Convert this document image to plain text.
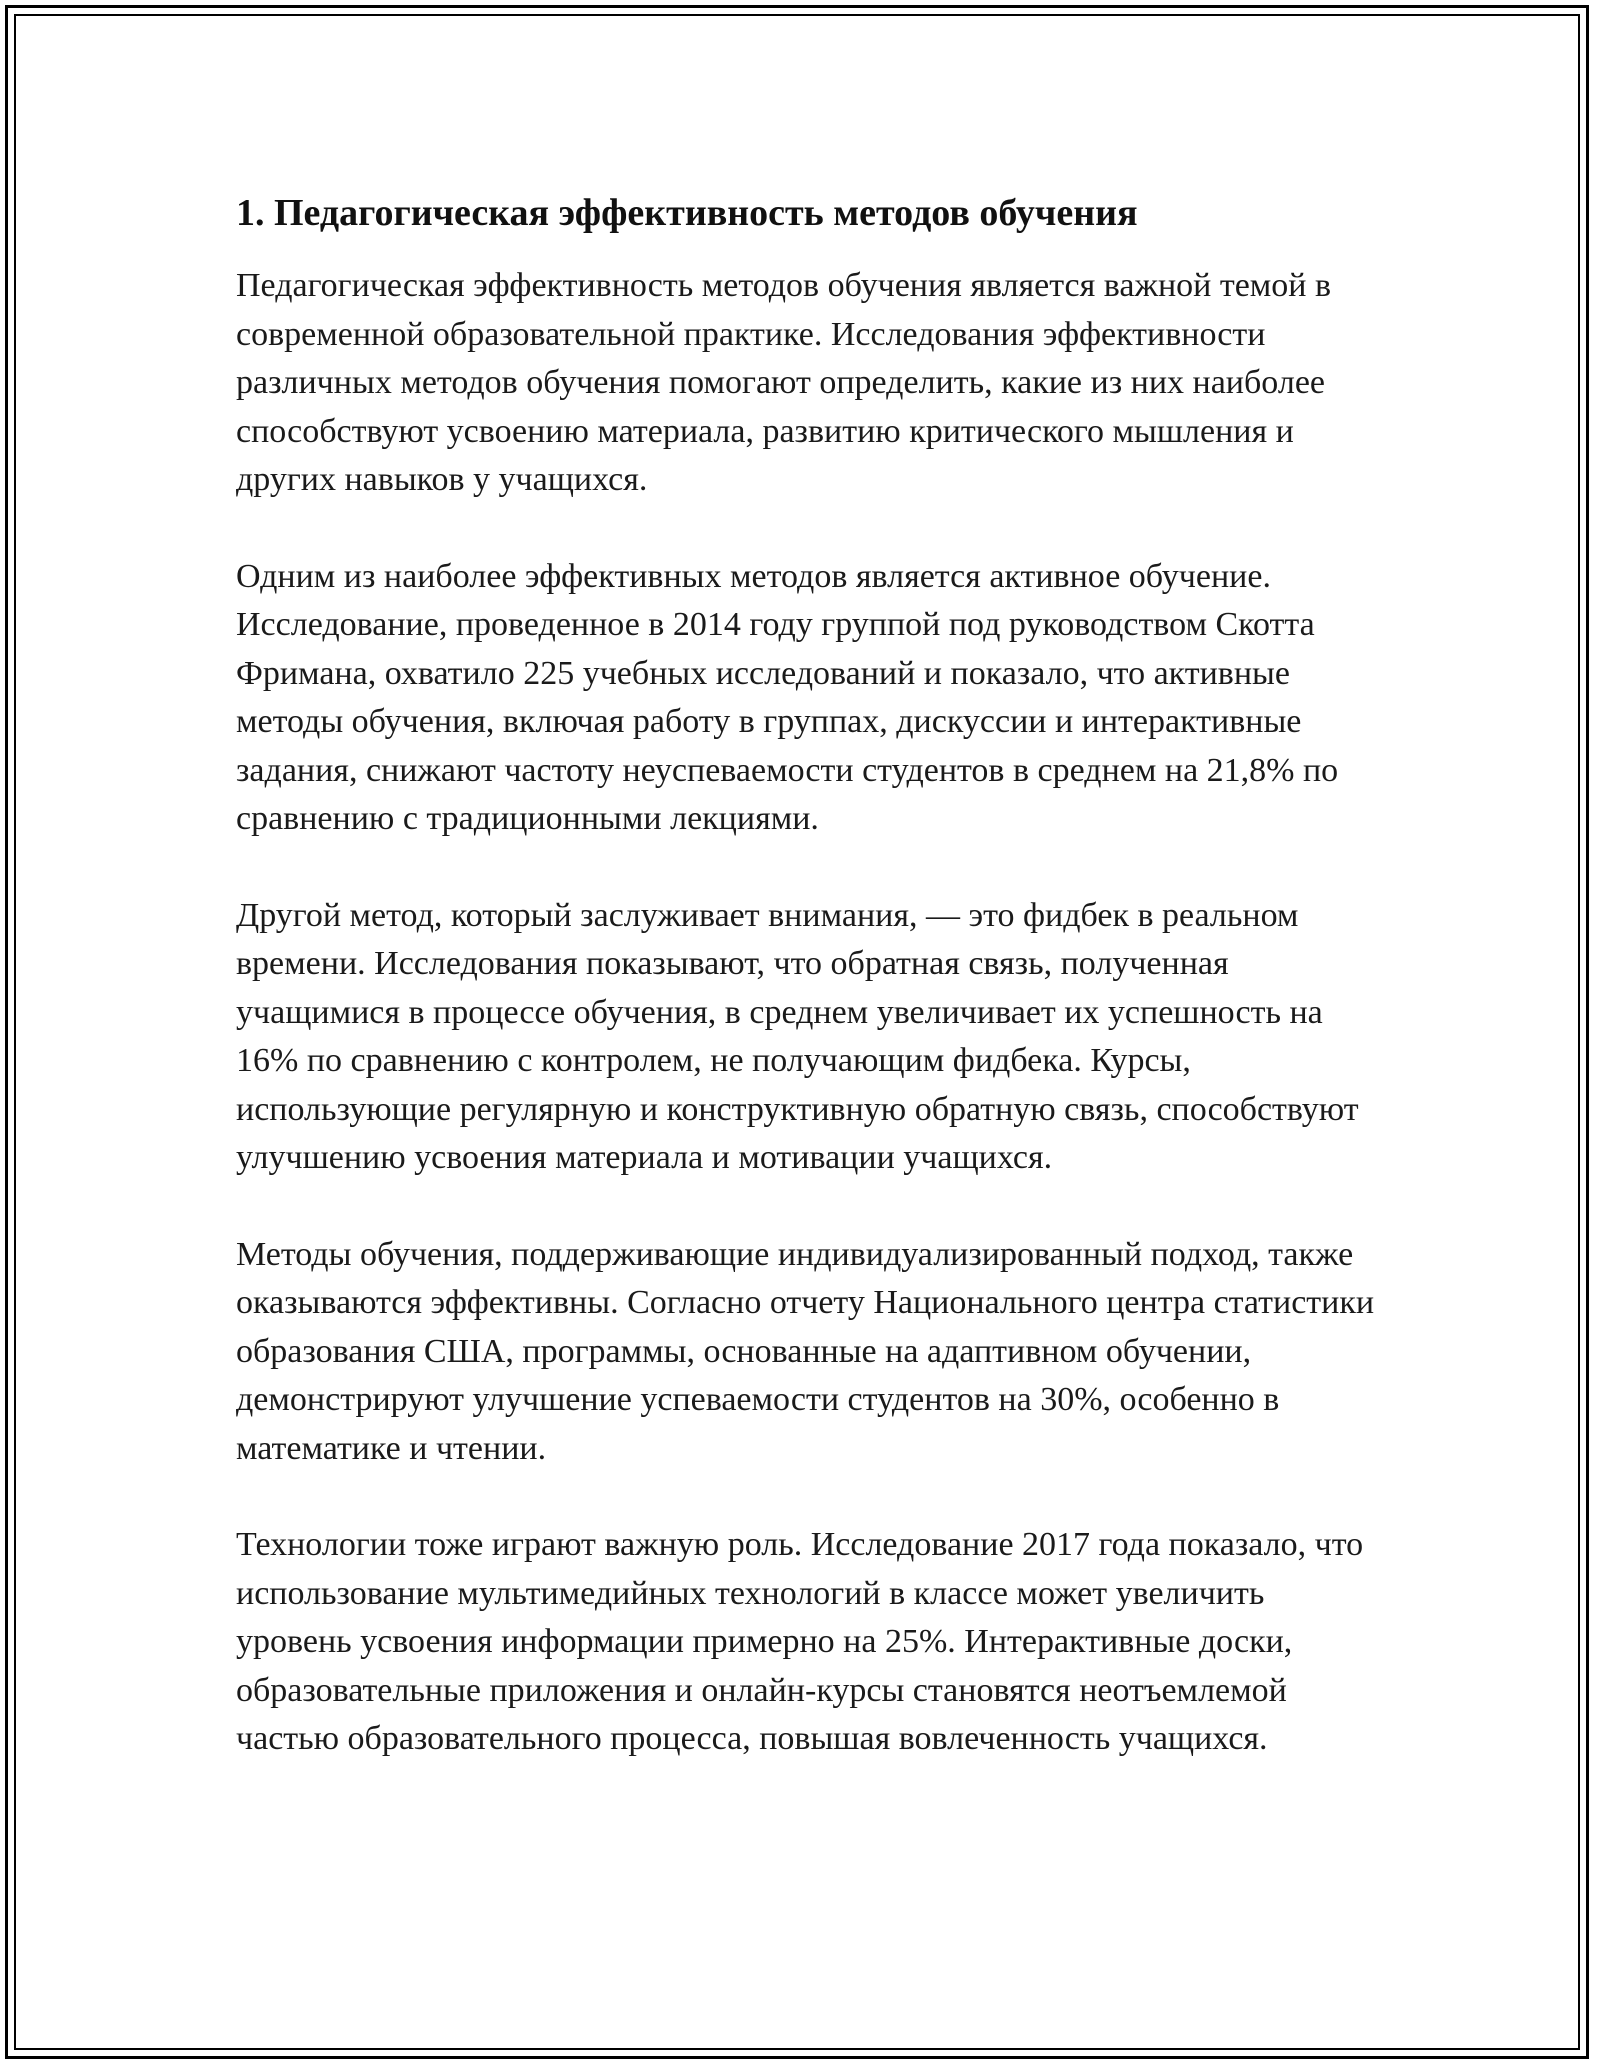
1. Педагогическая эффективность методов обучения

Педагогическая эффективность методов обучения является важной темой в современной образовательной практике. Исследования эффективности различных методов обучения помогают определить, какие из них наиболее способствуют усвоению материала, развитию критического мышления и других навыков у учащихся.

Одним из наиболее эффективных методов является активное обучение. Исследование, проведенное в 2014 году группой под руководством Скотта Фримана, охватило 225 учебных исследований и показало, что активные методы обучения, включая работу в группах, дискуссии и интерактивные задания, снижают частоту неуспеваемости студентов в среднем на 21,8% по сравнению с традиционными лекциями.

Другой метод, который заслуживает внимания, — это фидбек в реальном времени. Исследования показывают, что обратная связь, полученная учащимися в процессе обучения, в среднем увеличивает их успешность на 16% по сравнению с контролем, не получающим фидбека. Курсы, использующие регулярную и конструктивную обратную связь, способствуют улучшению усвоения материала и мотивации учащихся.

Методы обучения, поддерживающие индивидуализированный подход, также оказываются эффективны. Согласно отчету Национального центра статистики образования США, программы, основанные на адаптивном обучении, демонстрируют улучшение успеваемости студентов на 30%, особенно в математике и чтении.

Технологии тоже играют важную роль. Исследование 2017 года показало, что использование мультимедийных технологий в классе может увеличить уровень усвоения информации примерно на 25%. Интерактивные доски, образовательные приложения и онлайн-курсы становятся неотъемлемой частью образовательного процесса, повышая вовлеченность учащихся.
